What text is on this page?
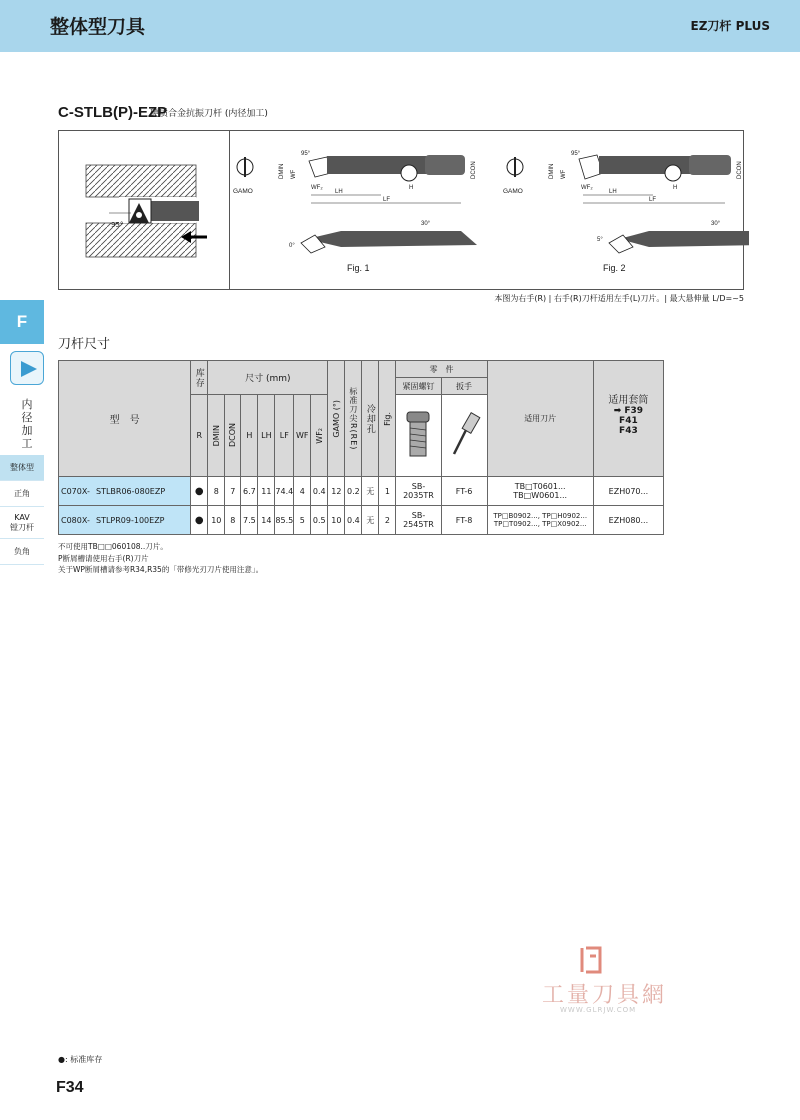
整体型刀具	EZ刀杆 PLUS
C-STLB(P)-EZP
硬质合金抗振刀杆 (内径加工)
95°
GAMO
DMIN WF
95°
WF₂
LH
LF
H
DCON
30°
0°
GAMO
DMIN WF
95°
WF₂
LH
LF
H
DCON
30°
5°
Fig. 1	Fig. 2
本图为右手(R) | 右手(R)刀杆适用左手(L)刀片。| 最大悬伸量 L/D=~5
F
内径加工
整体型
正角
KAV
镗刀杆
负角
刀杆尺寸
型　号	库存	尺寸 (mm)							GAMO (°)	标准刀尖R(RE)	冷却孔	Fig.	零　件		适用刀片	适用套筒
➡ F39
F41
F43

													紧固螺钉	扳手		
	R	DMIN	DCON	H	LH	LF	WF	WF₂

C070X- STLBR06-080EZP	●	8	7	6.7	11	74.4	4	0.4	12	0.2	无	1	SB-2035TR	FT-6	TB□T0601...
TB□W0601...	EZH070...
C080X- STLPR09-100EZP	●	10	8	7.5	14	85.5	5	0.5	10	0.4	无	2	SB-2545TR	FT-8	TP□B0902..., TP□H0902...
TP□T0902..., TP□X0902...	EZH080...
不可使用TB□□060108..刀片。
P断屑槽请使用右手(R)刀片
关于WP断屑槽请参考R34,R35的「带修光刃刀片使用注意」。
工量刀具網
WWW.GLRJW.COM
●: 标准库存
F34
